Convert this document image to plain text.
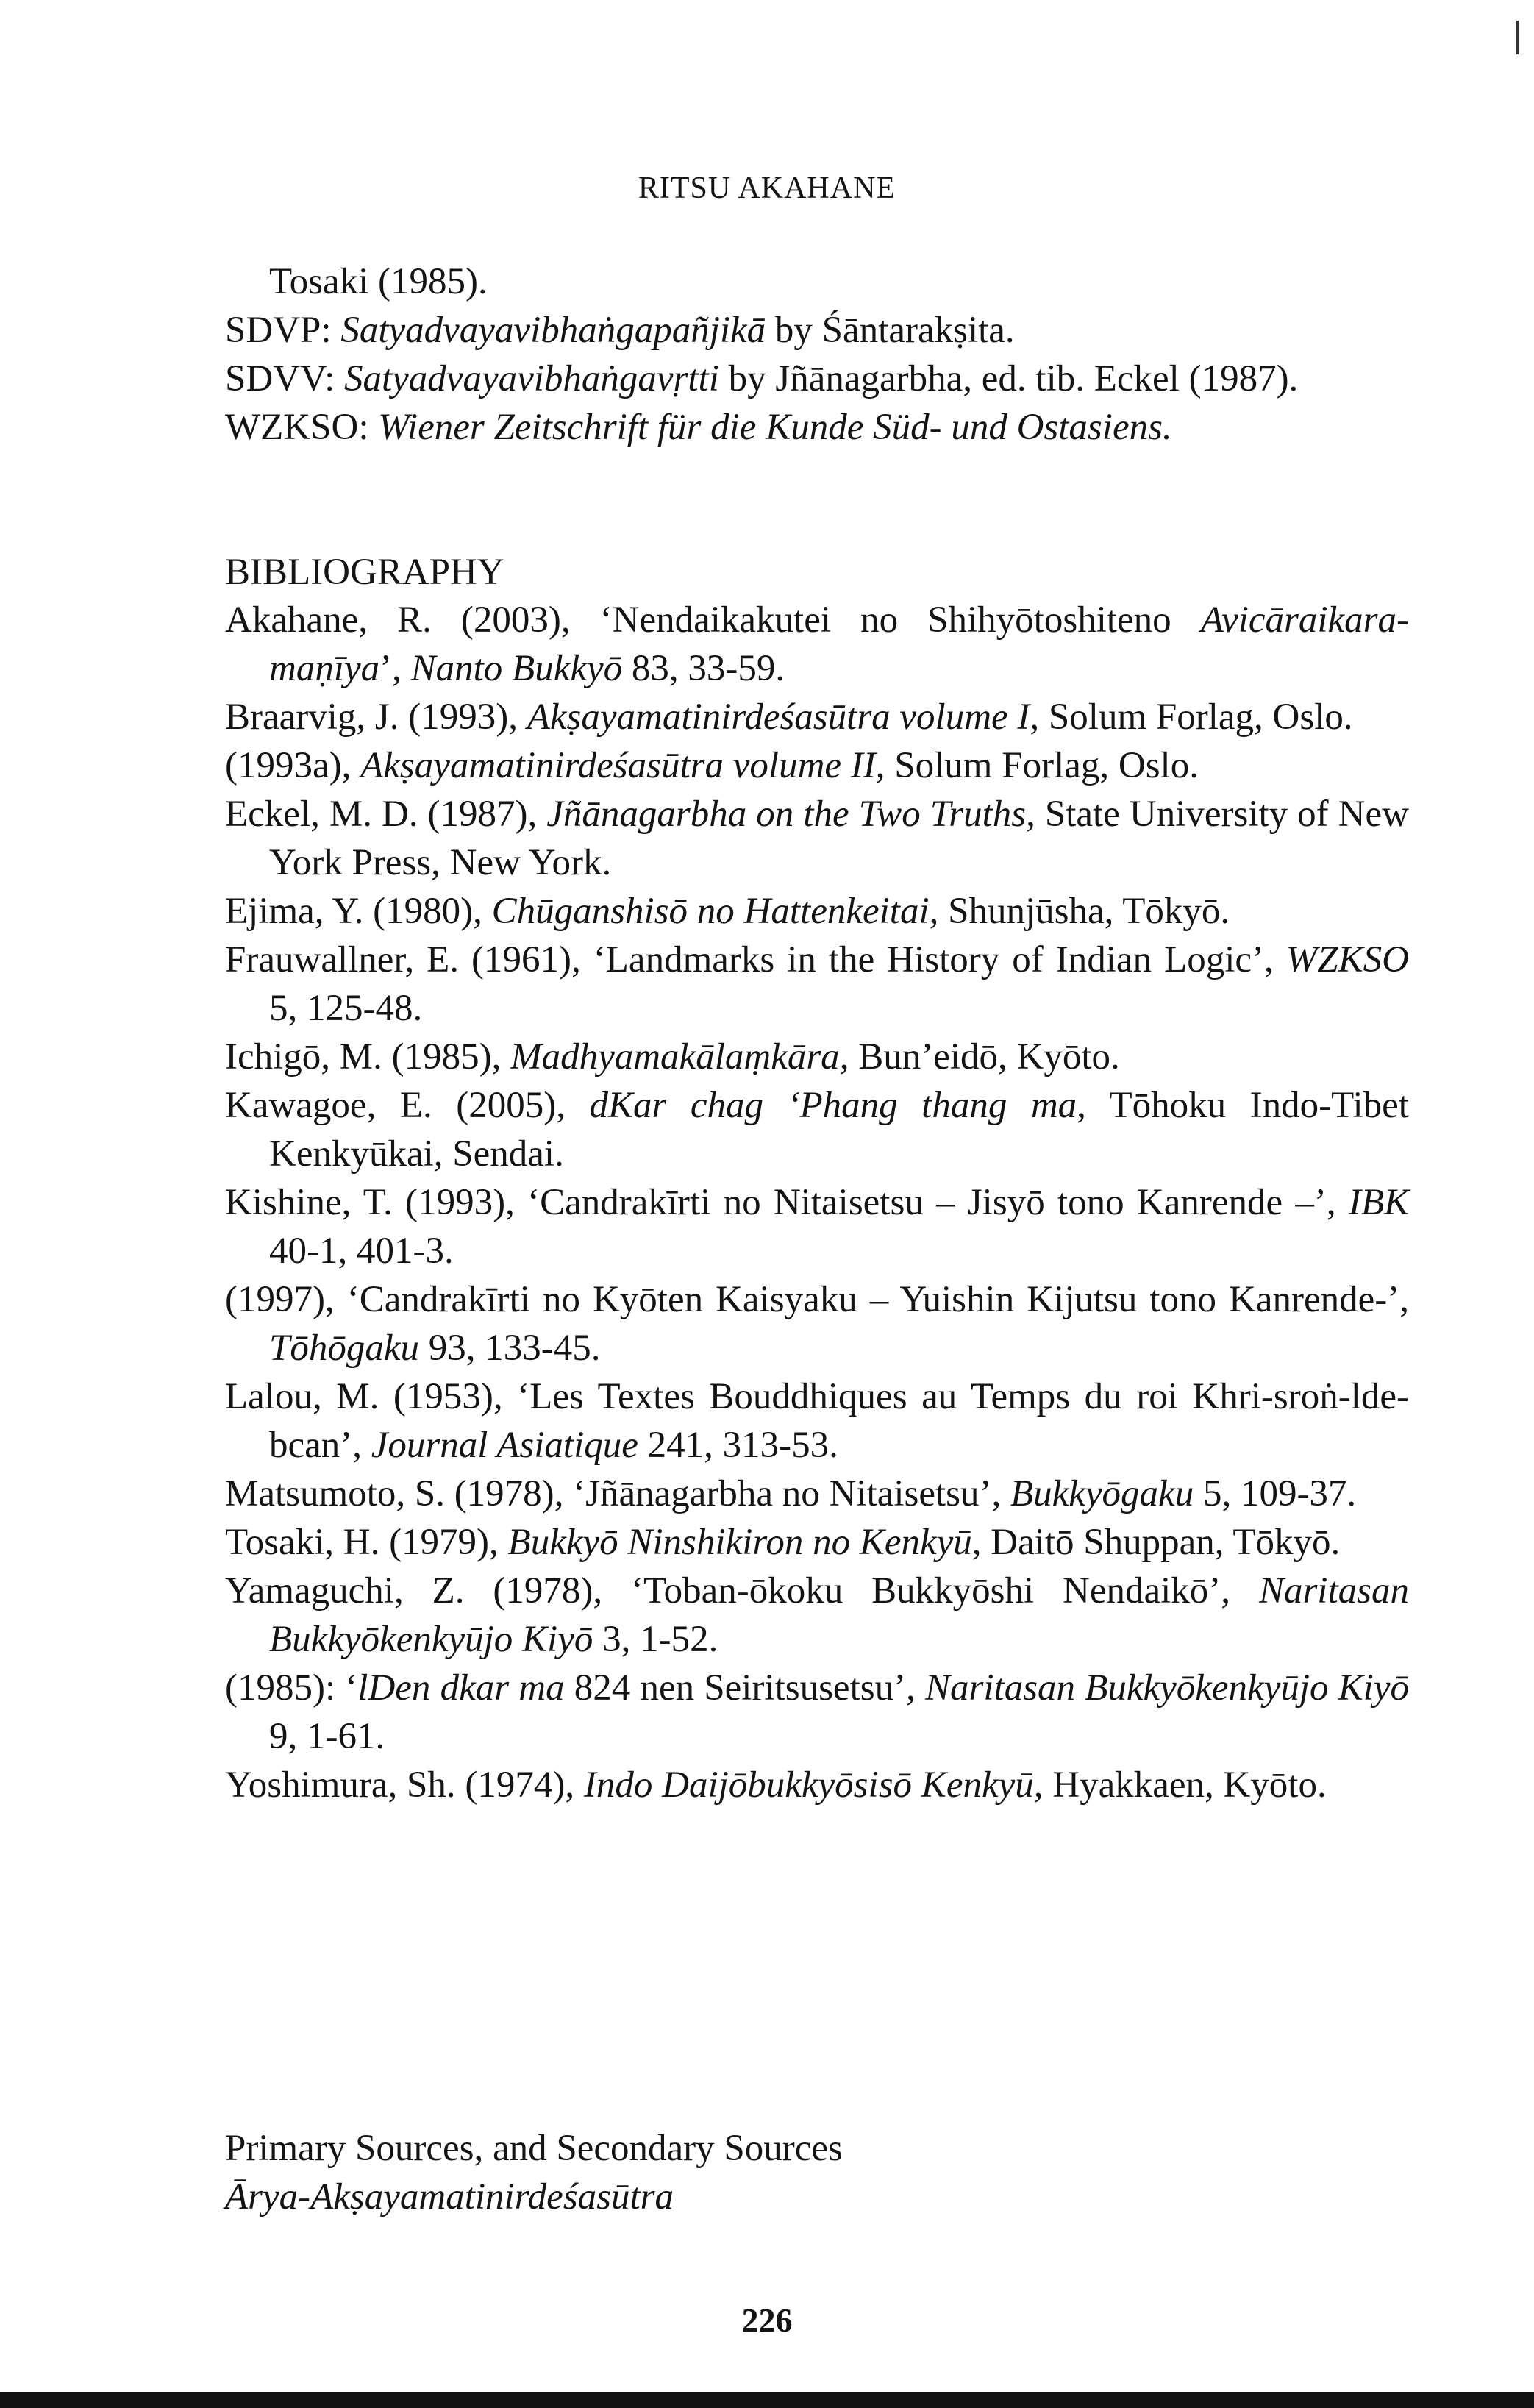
RITSU AKAHANE
Tosaki (1985).
SDVP: Satyadvayavibhaṅgapañjikā by Śāntarakṣita.
SDVV: Satyadvayavibhaṅgavṛtti by Jñānagarbha, ed. tib. Eckel (1987).
WZKSO: Wiener Zeitschrift für die Kunde Süd- und Ostasiens.
BIBLIOGRAPHY
Akahane, R. (2003), ‘Nendaikakutei no Shihyōtoshiteno Avicāraikara-maṇīya’, Nanto Bukkyō 83, 33-59.
Braarvig, J. (1993), Akṣayamatinirdeśasūtra volume I, Solum Forlag, Oslo.
(1993a), Akṣayamatinirdeśasūtra volume II, Solum Forlag, Oslo.
Eckel, M. D. (1987), Jñānagarbha on the Two Truths, State University of New York Press, New York.
Ejima, Y. (1980), Chūganshisō no Hattenkeitai, Shunjūsha, Tōkyō.
Frauwallner, E. (1961), ‘Landmarks in the History of Indian Logic’, WZKSO 5, 125-48.
Ichigō, M. (1985), Madhyamakālaṃkāra, Bun’eidō, Kyōto.
Kawagoe, E. (2005), dKar chag ‘Phang thang ma, Tōhoku Indo-Tibet Kenkyūkai, Sendai.
Kishine, T. (1993), ‘Candrakīrti no Nitaisetsu – Jisyō tono Kanrende –’, IBK 40-1, 401-3.
(1997), ‘Candrakīrti no Kyōten Kaisyaku – Yuishin Kijutsu tono Kanrende-’, Tōhōgaku 93, 133-45.
Lalou, M. (1953), ‘Les Textes Bouddhiques au Temps du roi Khri-sroṅ-lde-bcan’, Journal Asiatique 241, 313-53.
Matsumoto, S. (1978), ‘Jñānagarbha no Nitaisetsu’, Bukkyōgaku 5, 109-37.
Tosaki, H. (1979), Bukkyō Ninshikiron no Kenkyū, Daitō Shuppan, Tōkyō.
Yamaguchi, Z. (1978), ‘Toban-ōkoku Bukkyōshi Nendaikō’, Naritasan Bukkyōkenkyūjo Kiyō 3, 1-52.
(1985): ‘lDen dkar ma 824 nen Seiritsusetsu’, Naritasan Bukkyōkenkyūjo Kiyō 9, 1-61.
Yoshimura, Sh. (1974), Indo Daijōbukkyōsisō Kenkyū, Hyakkaen, Kyōto.
Primary Sources, and Secondary Sources
Ārya-Akṣayamatinirdeśasūtra
226
